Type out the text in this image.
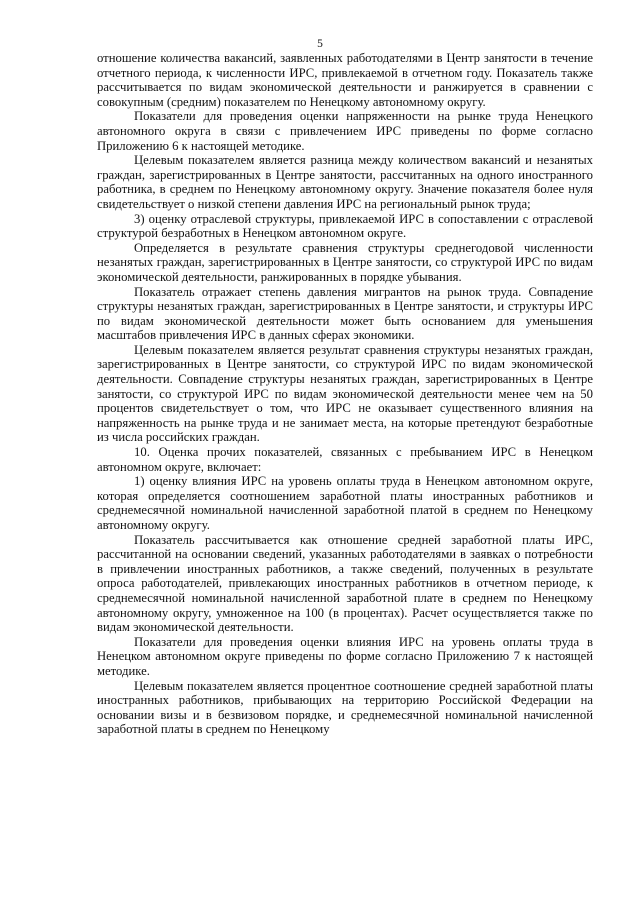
5

отношение количества вакансий, заявленных работодателями в Центр занятости в течение отчетного периода, к численности ИРС, привлекаемой в отчетном году. Показатель также рассчитывается по видам экономической деятельности и ранжируется в сравнении с совокупным (средним) показателем по Ненецкому автономному округу.

Показатели для проведения оценки напряженности на рынке труда Ненецкого автономного округа в связи с привлечением ИРС приведены по форме согласно Приложению 6 к настоящей методике.

Целевым показателем является разница между количеством вакансий и незанятых граждан, зарегистрированных в Центре занятости, рассчитанных на одного иностранного работника, в среднем по Ненецкому автономному округу. Значение показателя более нуля свидетельствует о низкой степени давления ИРС на региональный рынок труда;

3) оценку отраслевой структуры, привлекаемой ИРС в сопоставлении с отраслевой структурой безработных в Ненецком автономном округе.

Определяется в результате сравнения структуры среднегодовой численности незанятых граждан, зарегистрированных в Центре занятости, со структурой ИРС по видам экономической деятельности, ранжированных в порядке убывания.

Показатель отражает степень давления мигрантов на рынок труда. Совпадение структуры незанятых граждан, зарегистрированных в Центре занятости, и структуры ИРС по видам экономической деятельности может быть основанием для уменьшения масштабов привлечения ИРС в данных сферах экономики.

Целевым показателем является результат сравнения структуры незанятых граждан, зарегистрированных в Центре занятости, со структурой ИРС по видам экономической деятельности. Совпадение структуры незанятых граждан, зарегистрированных в Центре занятости, со структурой ИРС по видам экономической деятельности менее чем на 50 процентов свидетельствует о том, что ИРС не оказывает существенного влияния на напряженность на рынке труда и не занимает места, на которые претендуют безработные из числа российских граждан.

10. Оценка прочих показателей, связанных с пребыванием ИРС в Ненецком автономном округе, включает:

1) оценку влияния ИРС на уровень оплаты труда в Ненецком автономном округе, которая определяется соотношением заработной платы иностранных работников и среднемесячной номинальной начисленной заработной платой в среднем по Ненецкому автономному округу.

Показатель рассчитывается как отношение средней заработной платы ИРС, рассчитанной на основании сведений, указанных работодателями в заявках о потребности в привлечении иностранных работников, а также сведений, полученных в результате опроса работодателей, привлекающих иностранных работников в отчетном периоде, к среднемесячной номинальной начисленной заработной плате в среднем по Ненецкому автономному округу, умноженное на 100 (в процентах). Расчет осуществляется также по видам экономической деятельности.

Показатели для проведения оценки влияния ИРС на уровень оплаты труда в Ненецком автономном округе приведены по форме согласно Приложению 7 к настоящей методике.

Целевым показателем является процентное соотношение средней заработной платы иностранных работников, прибывающих на территорию Российской Федерации на основании визы и в безвизовом порядке, и среднемесячной номинальной начисленной заработной платы в среднем по Ненецкому
